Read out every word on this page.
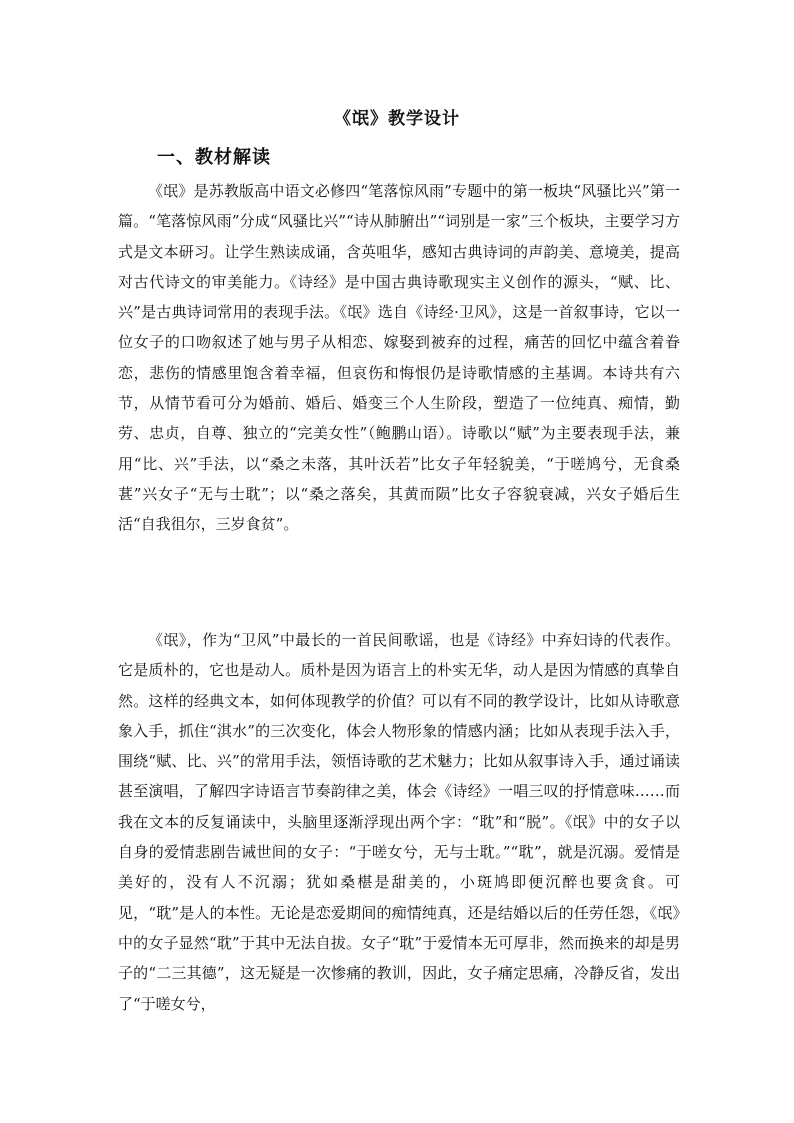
《氓》教学设计
一、教材解读

《氓》是苏教版高中语文必修四“笔落惊风雨”专题中的第一板块“风骚比兴”第一篇。“笔落惊风雨”分成“风骚比兴”“诗从肺腑出”“词别是一家”三个板块，主要学习方式是文本研习。让学生熟读成诵，含英咀华，感知古典诗词的声韵美、意境美，提高对古代诗文的审美能力。《诗经》是中国古典诗歌现实主义创作的源头，“赋、比、兴”是古典诗词常用的表现手法。《氓》选自《诗经·卫风》，这是一首叙事诗，它以一位女子的口吻叙述了她与男子从相恋、嫁娶到被弃的过程，痛苦的回忆中蕴含着眷恋，悲伤的情感里饱含着幸福，但哀伤和悔恨仍是诗歌情感的主基调。本诗共有六节，从情节看可分为婚前、婚后、婚变三个人生阶段，塑造了一位纯真、痴情，勤劳、忠贞，自尊、独立的“完美女性”（鲍鹏山语）。诗歌以“赋”为主要表现手法，兼用“比、兴”手法，以“桑之未落，其叶沃若”比女子年轻貌美，“于嗟鸠兮，无食桑葚”兴女子“无与士耽”；以“桑之落矣，其黄而陨”比女子容貌衰减，兴女子婚后生活“自我徂尔，三岁食贫”。

《氓》，作为“卫风”中最长的一首民间歌谣，也是《诗经》中弃妇诗的代表作。它是质朴的，它也是动人。质朴是因为语言上的朴实无华，动人是因为情感的真挚自然。这样的经典文本，如何体现教学的价值？可以有不同的教学设计，比如从诗歌意象入手，抓住“淇水”的三次变化，体会人物形象的情感内涵；比如从表现手法入手，围绕“赋、比、兴”的常用手法，领悟诗歌的艺术魅力；比如从叙事诗入手，通过诵读甚至演唱，了解四字诗语言节奏韵律之美，体会《诗经》一唱三叹的抒情意味……而我在文本的反复诵读中，头脑里逐渐浮现出两个字：“耽”和“脱”。《氓》中的女子以自身的爱情悲剧告诫世间的女子：“于嗟女兮，无与士耽。”“耽”，就是沉溺。爱情是美好的，没有人不沉溺；犹如桑椹是甜美的，小斑鸠即便沉醉也要贪食。可见，“耽”是人的本性。无论是恋爱期间的痴情纯真，还是结婚以后的任劳任怨，《氓》中的女子显然“耽”于其中无法自拔。女子“耽”于爱情本无可厚非，然而换来的却是男子的“二三其德”，这无疑是一次惨痛的教训，因此，女子痛定思痛，冷静反省，发出了“于嗟女兮，
